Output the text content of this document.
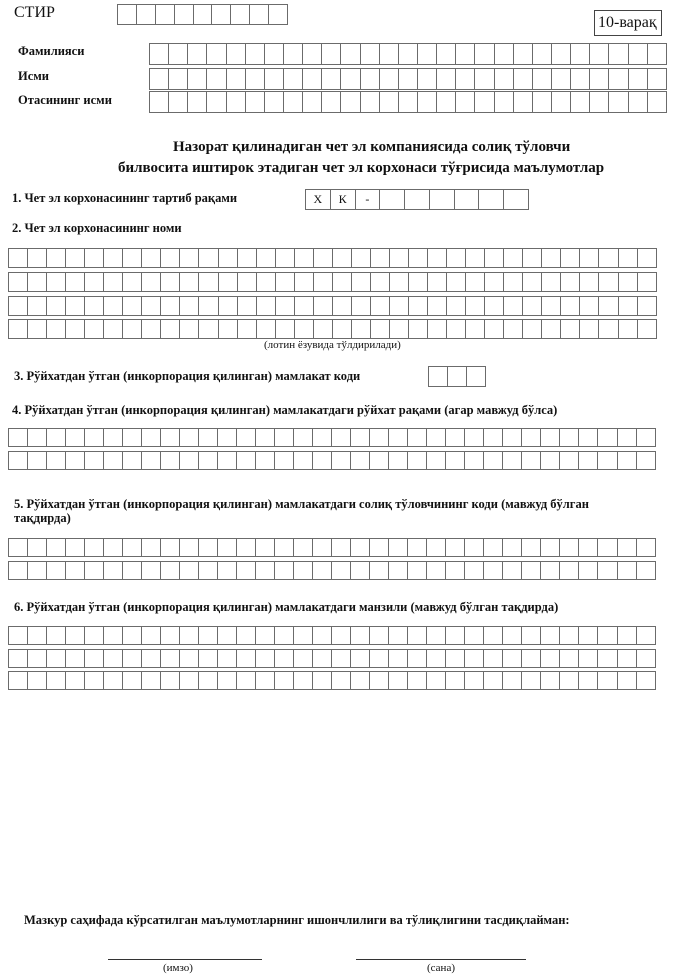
СТИР
10-варақ
Фамилияси
Исми
Отасининг исми
Назорат қилинадиган чет эл компаниясида солиқ тўловчи
билвосита иштирок этадиган чет эл корхонаси тўғрисида маълумотлар
1. Чет эл корхонасининг тартиб рақами	Х	К	-
2. Чет эл корхонасининг номи
(лотин ёзувида тўлдирилади)
3. Рўйхатдан ўтган (инкорпорация қилинган) мамлакат коди
4. Рўйхатдан ўтган (инкорпорация қилинган) мамлакатдаги рўйхат рақами (агар мавжуд бўлса)
5. Рўйхатдан ўтган (инкорпорация қилинган) мамлакатдаги солиқ тўловчининг коди (мавжуд бўлган
тақдирда)
6. Рўйхатдан ўтган (инкорпорация қилинган) мамлакатдаги манзили (мавжуд бўлган тақдирда)
Мазкур саҳифада кўрсатилган маълумотларнинг ишончлилиги ва тўлиқлигини тасдиқлайман:
(имзо)	(сана)
